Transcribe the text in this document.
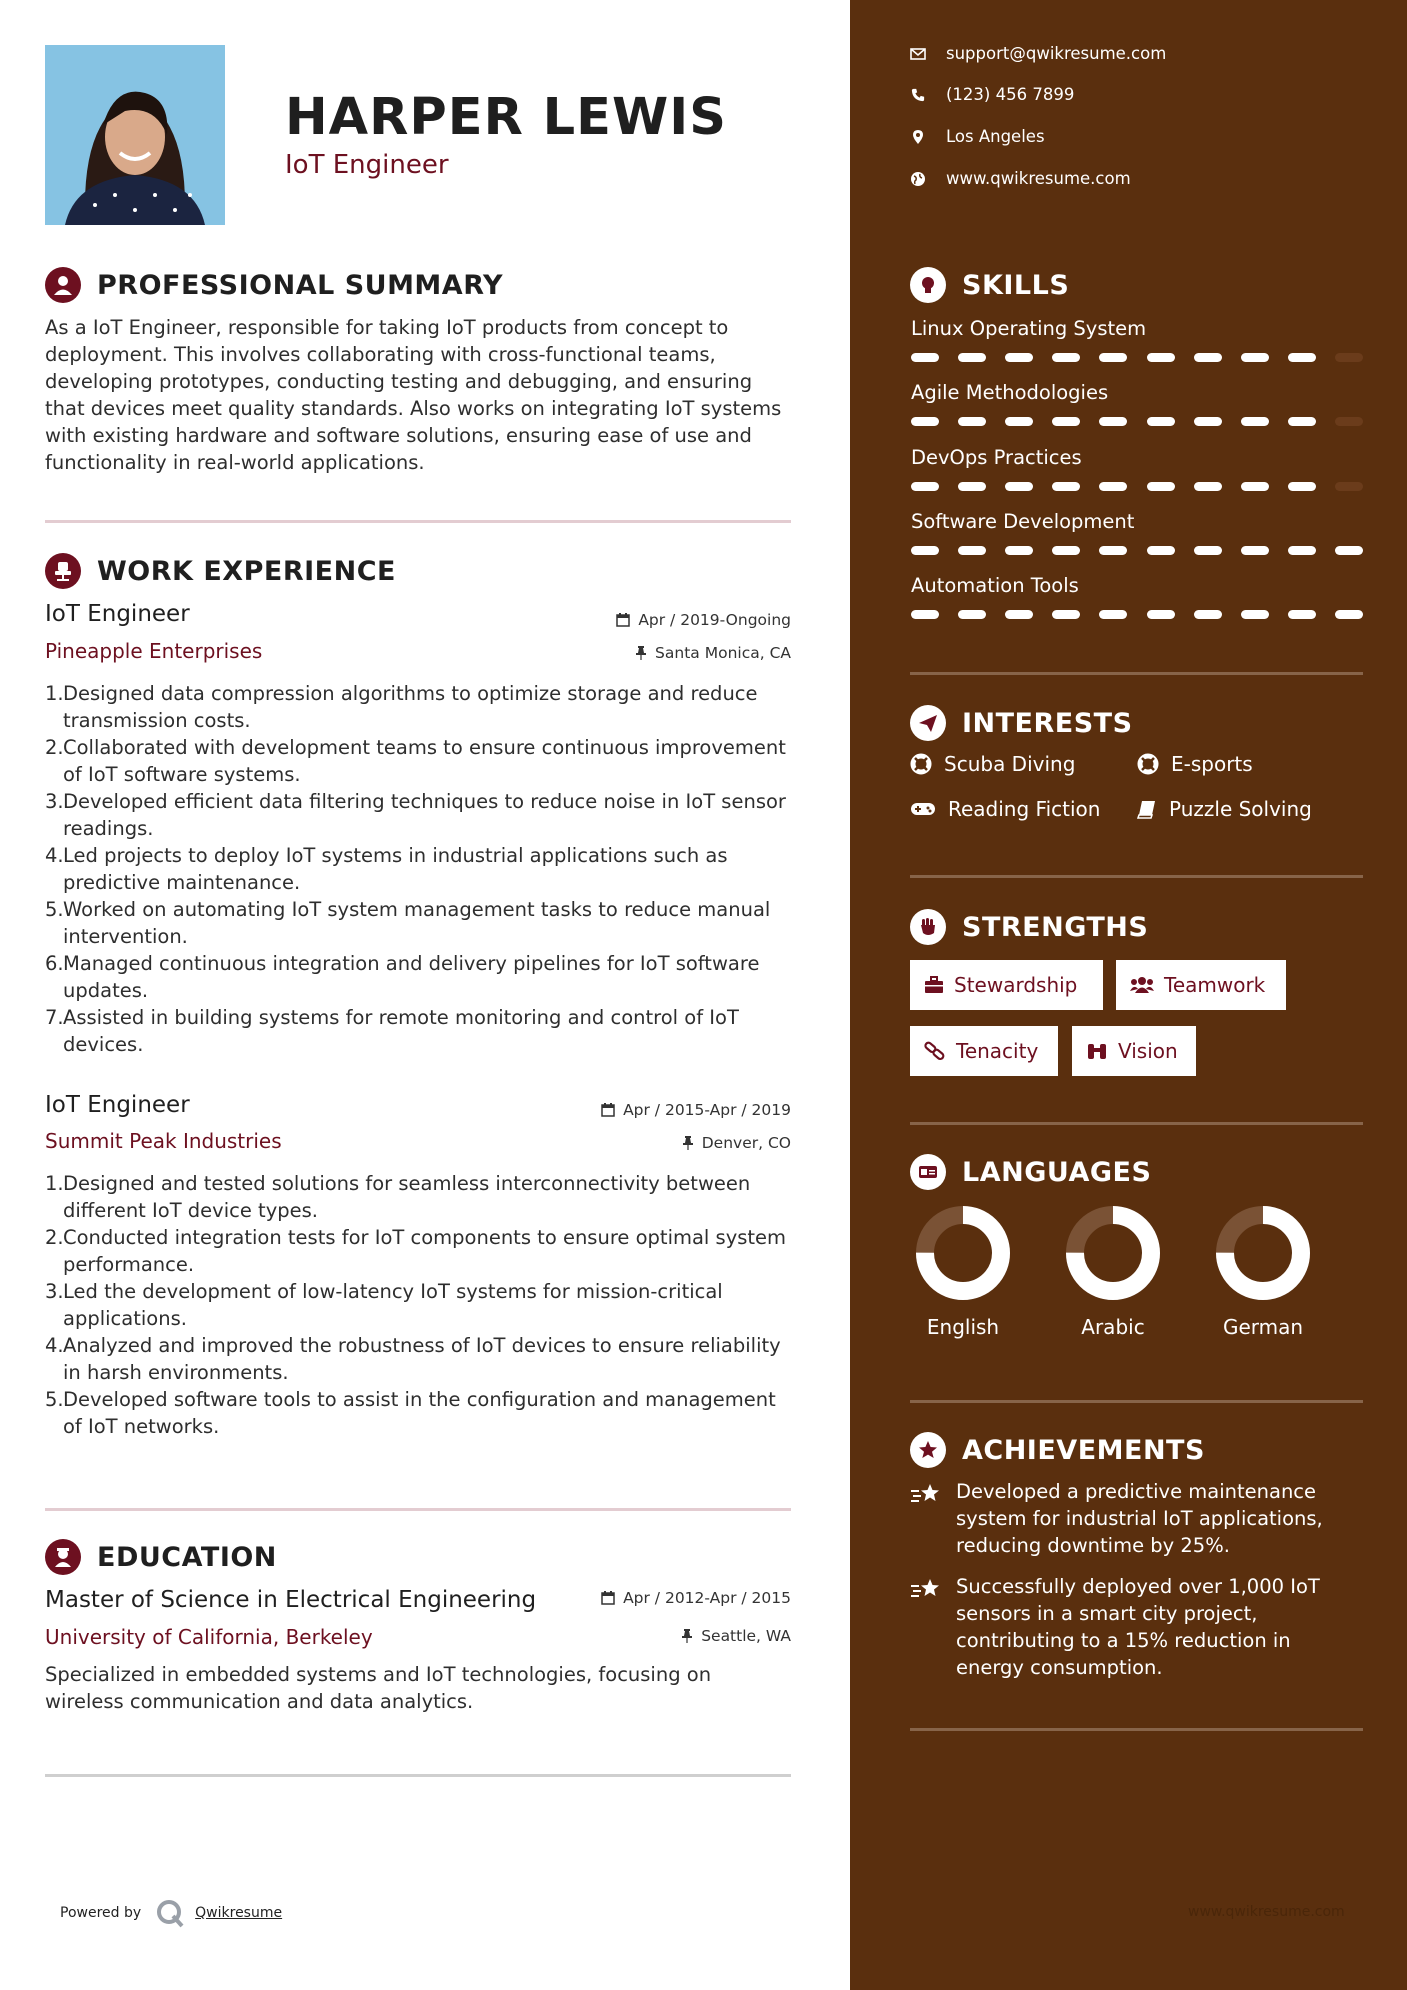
HARPER LEWIS
IoT Engineer
PROFESSIONAL SUMMARY

As a IoT Engineer, responsible for taking IoT products from concept to deployment. This involves collaborating with cross-functional teams, developing prototypes, conducting testing and debugging, and ensuring that devices meet quality standards. Also works on integrating IoT systems with existing hardware and software solutions, ensuring ease of use and functionality in real-world applications.

WORK EXPERIENCE
IoT Engineer
Pineapple Enterprises
Apr / 2019-Ongoing
Santa Monica, CA
1. Designed data compression algorithms to optimize storage and reduce transmission costs.
2. Collaborated with development teams to ensure continuous improvement of IoT software systems.
3. Developed efficient data filtering techniques to reduce noise in IoT sensor readings.
4. Led projects to deploy IoT systems in industrial applications such as predictive maintenance.
5. Worked on automating IoT system management tasks to reduce manual intervention.
6. Managed continuous integration and delivery pipelines for IoT software updates.
7. Assisted in building systems for remote monitoring and control of IoT devices.
IoT Engineer
Summit Peak Industries
Apr / 2015-Apr / 2019
Denver, CO
1. Designed and tested solutions for seamless interconnectivity between different IoT device types.
2. Conducted integration tests for IoT components to ensure optimal system performance.
3. Led the development of low-latency IoT systems for mission-critical applications.
4. Analyzed and improved the robustness of IoT devices to ensure reliability in harsh environments.
5. Developed software tools to assist in the configuration and management of IoT networks.
EDUCATION
Master of Science in Electrical Engineering
University of California, Berkeley
Apr / 2012-Apr / 2015
Seattle, WA

Specialized in embedded systems and IoT technologies, focusing on wireless communication and data analytics.

Powered by	Qwikresume
support@qwikresume.com
(123) 456 7899
Los Angeles
www.qwikresume.com
SKILLS
Linux Operating System
Agile Methodologies
DevOps Practices
Software Development
Automation Tools
INTERESTS
Scuba Diving	E-sports
Reading Fiction	Puzzle Solving
STRENGTHS
Stewardship	Teamwork
Tenacity	Vision
LANGUAGES
English	Arabic	German
ACHIEVEMENTS
Developed a predictive maintenance system for industrial IoT applications, reducing downtime by 25%.
Successfully deployed over 1,000 IoT sensors in a smart city project, contributing to a 15% reduction in energy consumption.
www.qwikresume.com
